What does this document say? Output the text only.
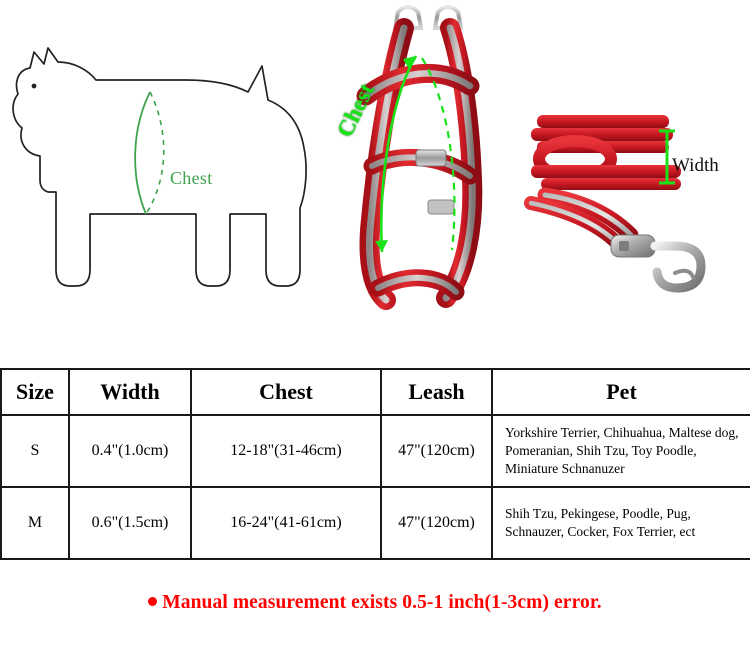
Chest
Chest
Width
Size	Width	Chest	Leash	Pet
S	0.4"(1.0cm)	12-18"(31-46cm)	47"(120cm)	Yorkshire Terrier, Chihuahua, Maltese dog, Pomeranian, Shih Tzu, Toy Poodle, Miniature Schnanuzer
M	0.6"(1.5cm)	16-24"(41-61cm)	47"(120cm)	Shih Tzu, Pekingese, Poodle, Pug, Schnauzer, Cocker, Fox Terrier, ect
Manual measurement exists 0.5-1 inch(1-3cm) error.
